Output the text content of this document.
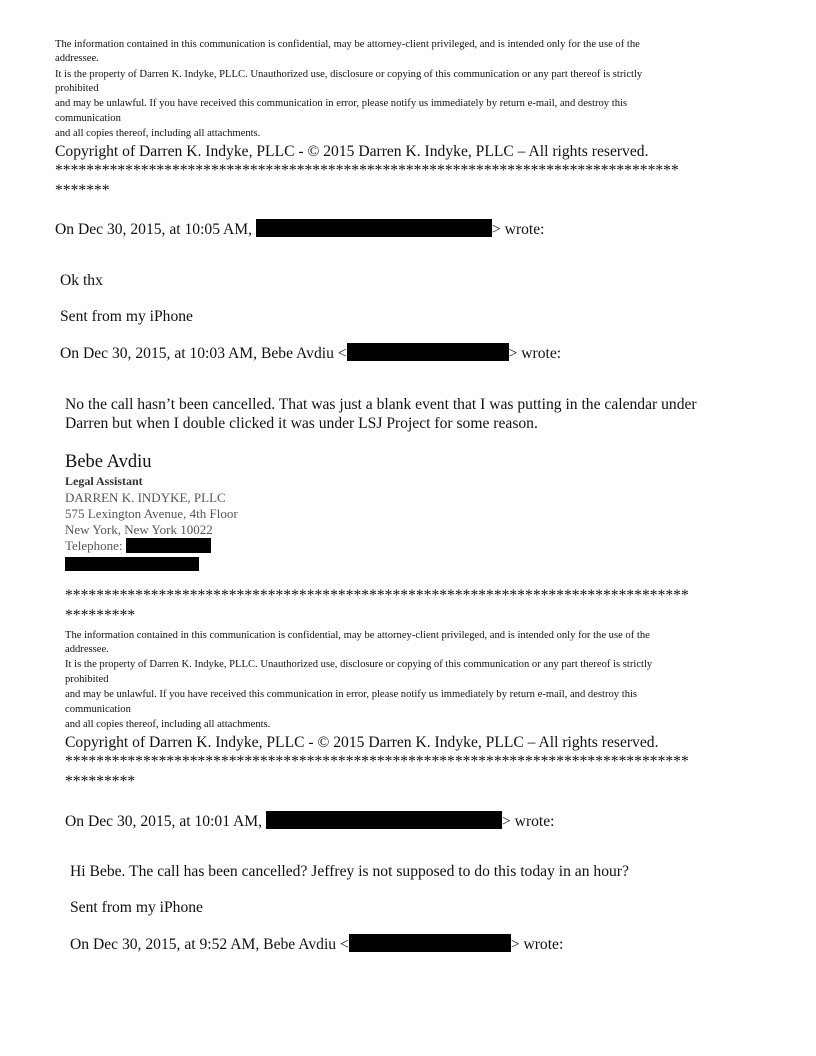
The information contained in this communication is confidential, may be attorney-client privileged, and is intended only for the use of the
addressee.
It is the property of Darren K. Indyke, PLLC. Unauthorized use, disclosure or copying of this communication or any part thereof is strictly
prohibited
and may be unlawful. If you have received this communication in error, please notify us immediately by return e-mail, and destroy this
communication
and all copies thereof, including all attachments.
Copyright of Darren K. Indyke, PLLC - © 2015 Darren K. Indyke, PLLC – All rights reserved.
********************************************************************************
*******
On Dec 30, 2015, at 10:05 AM,	> wrote:
Ok thx
Sent from my iPhone
On Dec 30, 2015, at 10:03 AM, Bebe Avdiu <	> wrote:
No the call hasn’t been cancelled. That was just a blank event that I was putting in the calendar under
Darren but when I double clicked it was under LSJ Project for some reason.
Bebe Avdiu
Legal Assistant
DARREN K. INDYKE, PLLC
575 Lexington Avenue, 4th Floor
New York, New York 10022
Telephone:
********************************************************************************
*********
The information contained in this communication is confidential, may be attorney-client privileged, and is intended only for the use of the
addressee.
It is the property of Darren K. Indyke, PLLC. Unauthorized use, disclosure or copying of this communication or any part thereof is strictly
prohibited
and may be unlawful. If you have received this communication in error, please notify us immediately by return e-mail, and destroy this
communication
and all copies thereof, including all attachments.
Copyright of Darren K. Indyke, PLLC - © 2015 Darren K. Indyke, PLLC – All rights reserved.
********************************************************************************
*********
On Dec 30, 2015, at 10:01 AM,	> wrote:
Hi Bebe. The call has been cancelled? Jeffrey is not supposed to do this today in an hour?
Sent from my iPhone
On Dec 30, 2015, at 9:52 AM, Bebe Avdiu <	> wrote:
